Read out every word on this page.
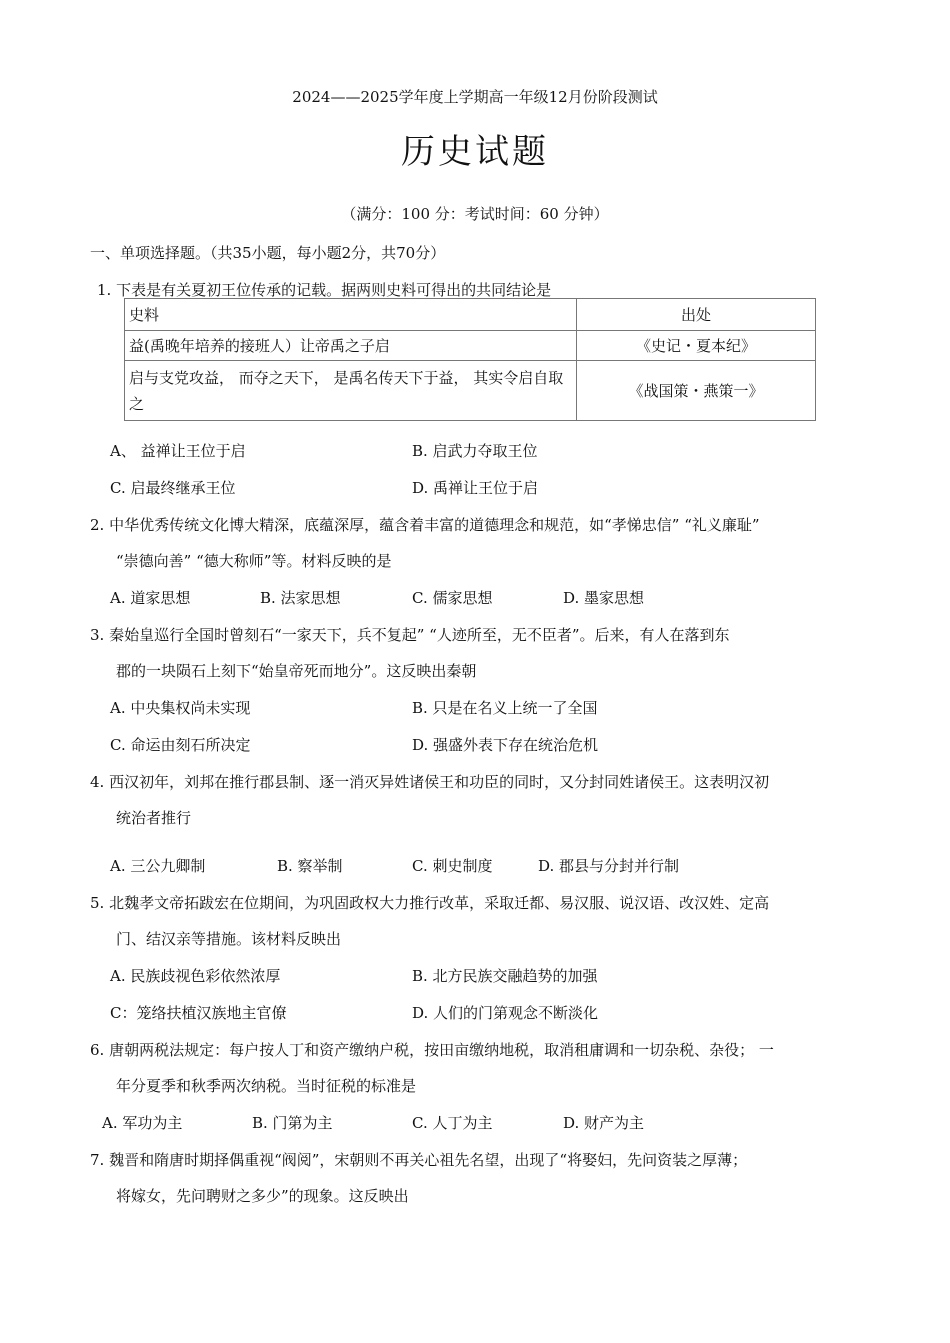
2024——2025学年度上学期高一年级12月份阶段测试
历史试题
（满分：100 分：考试时间：60 分钟）
一、单项选择题。（共35小题，每小题2分，共70分）
1. 下表是有关夏初王位传承的记载。据两则史料可得出的共同结论是
史料	出处
益(禹晚年培养的接班人）让帝禹之子启	《史记・夏本纪》
启与支党攻益， 而夺之天下， 是禹名传天下于益， 其实令启自取之	《战国策・燕策一》
A、 益禅让王位于启	B. 启武力夺取王位
C. 启最终继承王位	D. 禹禅让王位于启
2. 中华优秀传统文化博大精深，底蕴深厚，蕴含着丰富的道德理念和规范，如“孝悌忠信” “礼义廉耻”
“崇德向善” “德大称师”等。材料反映的是
A. 道家思想	B. 法家思想	C. 儒家思想	D. 墨家思想
3. 秦始皇巡行全国时曾刻石“一家天下，兵不复起” “人迹所至，无不臣者”。后来，有人在落到东
郡的一块陨石上刻下“始皇帝死而地分”。这反映出秦朝
A. 中央集权尚未实现	B. 只是在名义上统一了全国
C. 命运由刻石所决定	D. 强盛外表下存在统治危机
4. 西汉初年，刘邦在推行郡县制、逐一消灭异姓诸侯王和功臣的同时，又分封同姓诸侯王。这表明汉初
统治者推行
A. 三公九卿制	B. 察举制	C. 刺史制度	D. 郡县与分封并行制
5. 北魏孝文帝拓跋宏在位期间，为巩固政权大力推行改革，采取迁都、易汉服、说汉语、改汉姓、定高
门、结汉亲等措施。该材料反映出
A. 民族歧视色彩依然浓厚	B. 北方民族交融趋势的加强
C：笼络扶植汉族地主官僚	D. 人们的门第观念不断淡化
6. 唐朝两税法规定：每户按人丁和资产缴纳户税，按田亩缴纳地税，取消租庸调和一切杂税、杂役； 一
年分夏季和秋季两次纳税。当时征税的标准是
A. 军功为主	B. 门第为主	C. 人丁为主	D. 财产为主
7. 魏晋和隋唐时期择偶重视“阀阅”，宋朝则不再关心祖先名望，出现了“将娶妇，先问资装之厚薄；
将嫁女，先问聘财之多少”的现象。这反映出
